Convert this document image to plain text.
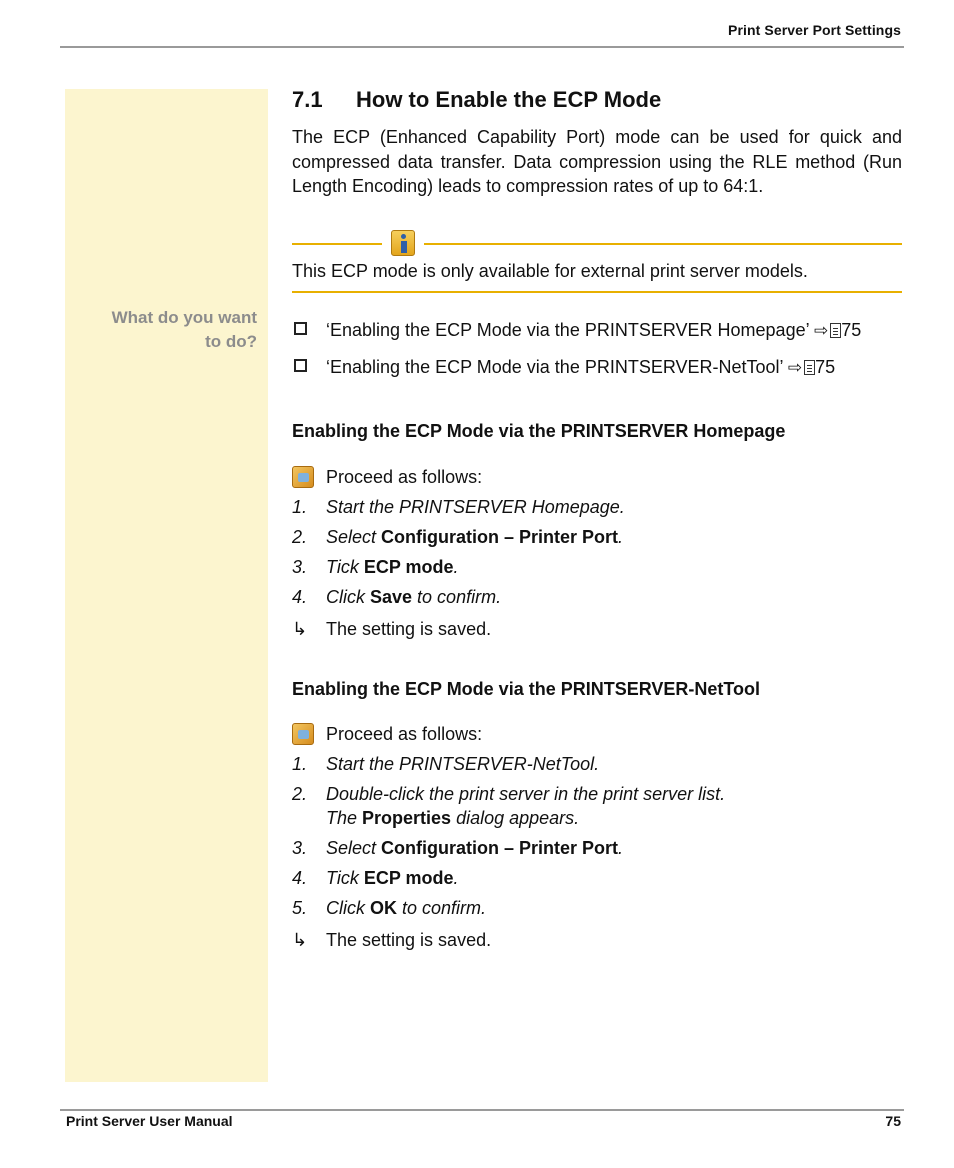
Print Server Port Settings
What do you want
to do?
7.1 How to Enable the ECP Mode
The ECP (Enhanced Capability Port) mode can be used for quick and compressed data transfer. Data compression using the RLE method (Run Length Encoding) leads to compression rates of up to 64:1.
This ECP mode is only available for external print server models.
‘Enabling the ECP Mode via the PRINTSERVER Homepage’ ⇨ 75
‘Enabling the ECP Mode via the PRINTSERVER-NetTool’ ⇨ 75
Enabling the ECP Mode via the PRINTSERVER Homepage
Proceed as follows:
1. Start the PRINTSERVER Homepage.
2. Select Configuration – Printer Port.
3. Tick ECP mode.
4. Click Save to confirm.
↳ The setting is saved.
Enabling the ECP Mode via the PRINTSERVER-NetTool
Proceed as follows:
1. Start the PRINTSERVER-NetTool.
2. Double-click the print server in the print server list.
The Properties dialog appears.
3. Select Configuration – Printer Port.
4. Tick ECP mode.
5. Click OK to confirm.
↳ The setting is saved.
Print Server User Manual	75
